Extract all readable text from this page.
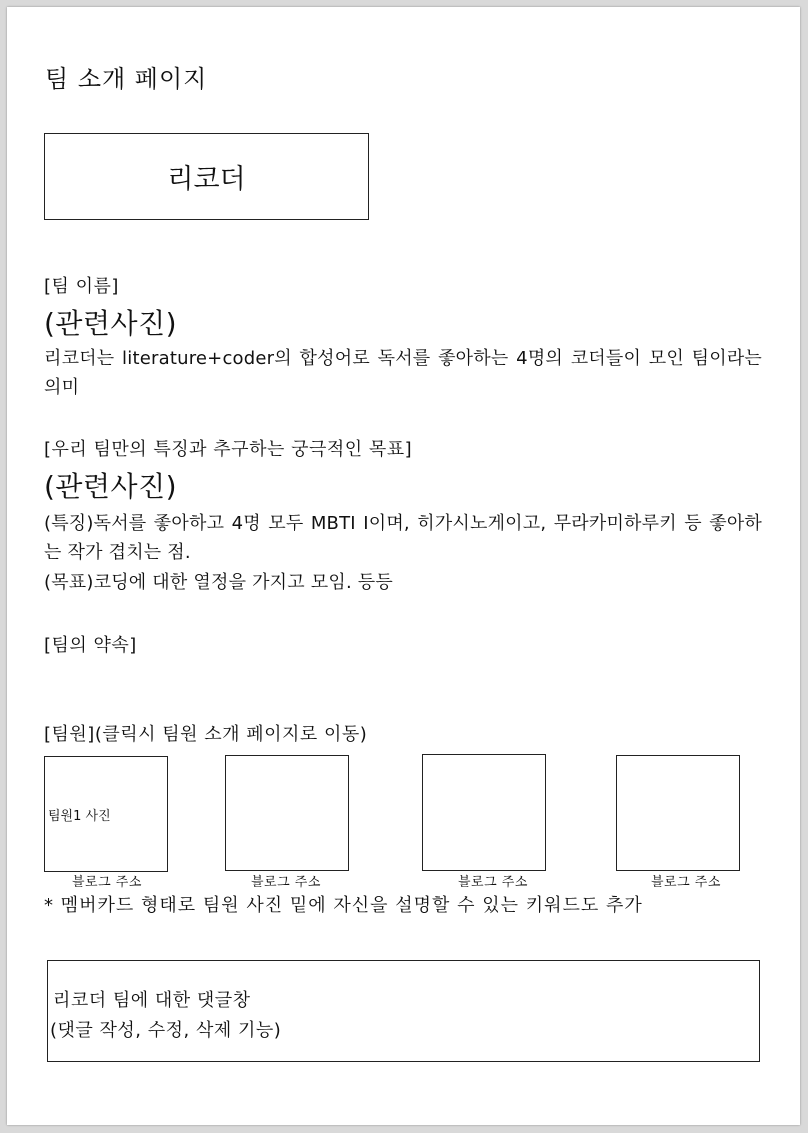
팀 소개 페이지
리코더
[팀 이름]
(관련사진)
리코더는 literature+coder의 합성어로 독서를 좋아하는 4명의 코더들이 모인 팀이라는 의미
[우리 팀만의 특징과 추구하는 궁극적인 목표]
(관련사진)
(특징)독서를 좋아하고 4명 모두 MBTI I이며, 히가시노게이고, 무라카미하루키 등 좋아하는 작가 겹치는 점.
(목표)코딩에 대한 열정을 가지고 모임. 등등
[팀의 약속]
[팀원](클릭시 팀원 소개 페이지로 이동)
팀원1 사진
블로그 주소	블로그 주소	블로그 주소	블로그 주소
* 멤버카드 형태로 팀원 사진 밑에 자신을 설명할 수 있는 키워드도 추가
리코더 팀에 대한 댓글창
(댓글 작성, 수정, 삭제 기능)
